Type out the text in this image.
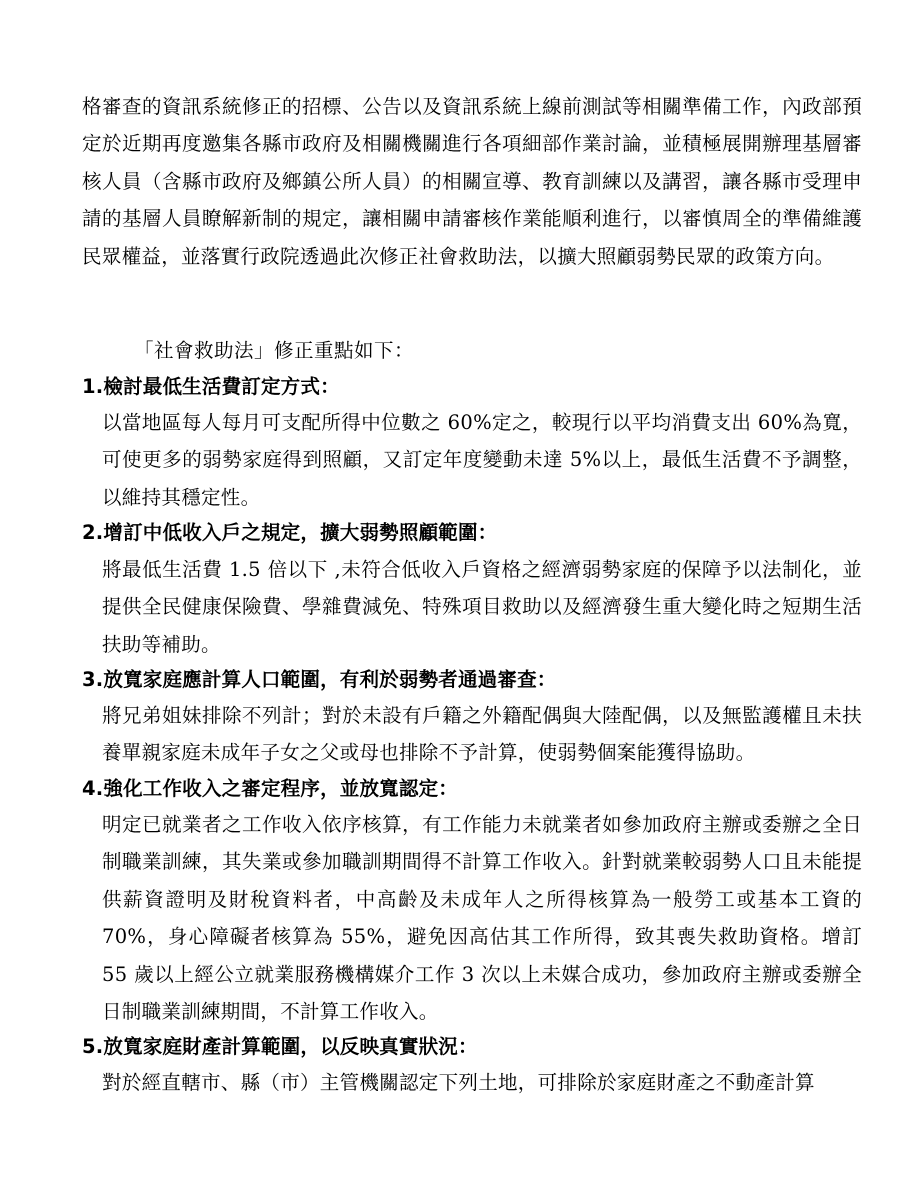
格審查的資訊系統修正的招標、公告以及資訊系統上線前測試等相關準備工作，內政部預定於近期再度邀集各縣市政府及相關機關進行各項細部作業討論，並積極展開辦理基層審核人員（含縣市政府及鄉鎮公所人員）的相關宣導、教育訓練以及講習，讓各縣市受理申請的基層人員瞭解新制的規定，讓相關申請審核作業能順利進行，以審慎周全的準備維護民眾權益，並落實行政院透過此次修正社會救助法，以擴大照顧弱勢民眾的政策方向。

「社會救助法」修正重點如下：

1.檢討最低生活費訂定方式：

以當地區每人每月可支配所得中位數之 60%定之，較現行以平均消費支出 60%為寬，可使更多的弱勢家庭得到照顧，又訂定年度變動未達 5%以上，最低生活費不予調整，以維持其穩定性。

2.增訂中低收入戶之規定，擴大弱勢照顧範圍：

將最低生活費 1.5 倍以下 ,未符合低收入戶資格之經濟弱勢家庭的保障予以法制化，並提供全民健康保險費、學雜費減免、特殊項目救助以及經濟發生重大變化時之短期生活扶助等補助。

3.放寬家庭應計算人口範圍，有利於弱勢者通過審查：

將兄弟姐妹排除不列計；對於未設有戶籍之外籍配偶與大陸配偶，以及無監護權且未扶養單親家庭未成年子女之父或母也排除不予計算，使弱勢個案能獲得協助。

4.強化工作收入之審定程序，並放寬認定：

明定已就業者之工作收入依序核算，有工作能力未就業者如參加政府主辦或委辦之全日制職業訓練，其失業或參加職訓期間得不計算工作收入。針對就業較弱勢人口且未能提供薪資證明及財稅資料者，中高齡及未成年人之所得核算為一般勞工或基本工資的 70%，身心障礙者核算為 55%，避免因高估其工作所得，致其喪失救助資格。增訂 55 歲以上經公立就業服務機構媒介工作 3 次以上未媒合成功，參加政府主辦或委辦全日制職業訓練期間，不計算工作收入。

5.放寬家庭財產計算範圍，以反映真實狀況：

對於經直轄市、縣（市）主管機關認定下列土地，可排除於家庭財產之不動產計算
